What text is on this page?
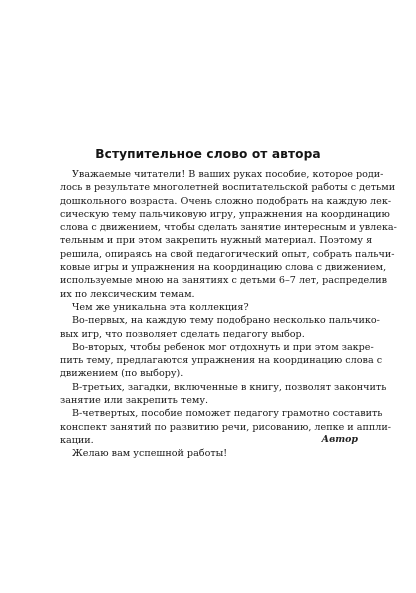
Вступительное слово от автора
Уважаемые читатели! В ваших руках пособие, которое роди-
лось в результате многолетней воспитательской работы с детьми
дошкольного возраста. Очень сложно подобрать на каждую лек-
сическую тему пальчиковую игру, упражнения на координацию
слова с движением, чтобы сделать занятие интересным и увлека-
тельным и при этом закрепить нужный материал. Поэтому я
решила, опираясь на свой педагогический опыт, собрать пальчи-
ковые игры и упражнения на координацию слова с движением,
используемые мною на занятиях с детьми 6–7 лет, распределив
их по лексическим темам.
Чем же уникальна эта коллекция?
Во-первых, на каждую тему подобрано несколько пальчико-
вых игр, что позволяет сделать педагогу выбор.
Во-вторых, чтобы ребенок мог отдохнуть и при этом закре-
пить тему, предлагаются упражнения на координацию слова с
движением (по выбору).
В-третьих, загадки, включенные в книгу, позволят закончить
занятие или закрепить тему.
В-четвертых, пособие поможет педагогу грамотно составить
конспект занятий по развитию речи, рисованию, лепке и аппли-
кации.
Желаю вам успешной работы!
Автор
